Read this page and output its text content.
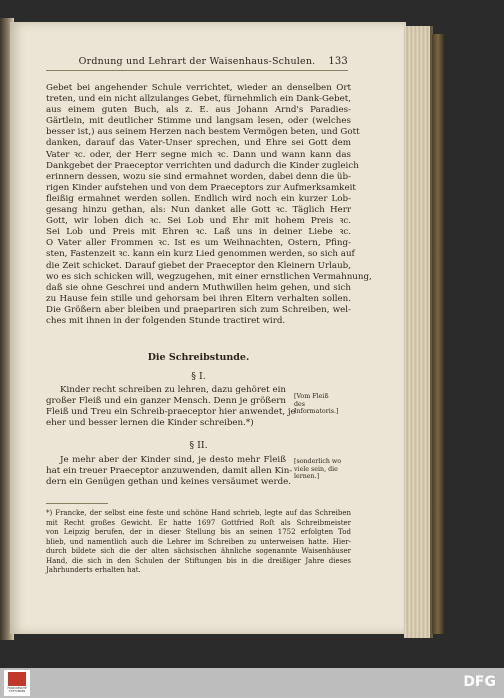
Ordnung und Lehrart der Waisenhaus-Schulen.	133
Gebet bei angehender Schule verrichtet, wieder an denselben Ort
treten, und ein nicht allzulanges Gebet, fürnehmlich ein Dank-Gebet,
aus einem guten Buch, als z. E. aus Johann Arnd's Paradies-
Gärtlein, mit deutlicher Stimme und langsam lesen, oder (welches
besser ist,) aus seinem Herzen nach bestem Vermögen beten, und Gott
danken, darauf das Vater-Unser sprechen, und Ehre sei Gott dem
Vater ꝛc. oder, der Herr segne mich ꝛc. Dann und wann kann das
Dankgebet der Praeceptor verrichten und dadurch die Kinder zugleich
erinnern dessen, wozu sie sind ermahnet worden, dabei denn die üb-
rigen Kinder aufstehen und von dem Praeceptors zur Aufmerksamkeit
fleißig ermahnet werden sollen. Endlich wird noch ein kurzer Lob-
gesang hinzu gethan, als: Nun danket alle Gott ꝛc. Täglich Herr
Gott, wir loben dich ꝛc. Sei Lob und Ehr mit hohem Preis ꝛc.
Sei Lob und Preis mit Ehren ꝛc. Laß uns in deiner Liebe ꝛc.
O Vater aller Frommen ꝛc. Ist es um Weihnachten, Ostern, Pfing-
sten, Fastenzeit ꝛc. kann ein kurz Lied genommen werden, so sich auf
die Zeit schicket. Darauf giebet der Praeceptor den Kleinern Urlaub,
wo es sich schicken will, wegzugehen, mit einer ernstlichen Vermahnung,
daß sie ohne Geschrei und andern Muthwillen heim gehen, und sich
zu Hause fein stille und gehorsam bei ihren Eltern verhalten sollen.
Die Größern aber bleiben und praepariren sich zum Schreiben, wel-
ches mit ihnen in der folgenden Stunde tractiret wird.
Die Schreibstunde.
§ I.
Kinder recht schreiben zu lehren, dazu gehöret ein
großer Fleiß und ein ganzer Mensch. Denn je größern
Fleiß und Treu ein Schreib-praeceptor hier anwendet, je
eher und besser lernen die Kinder schreiben.*)
[Vom Fleiß
des
Informatoris.]
§ II.
Je mehr aber der Kinder sind, je desto mehr Fleiß
hat ein treuer Praeceptor anzuwenden, damit allen Kin-
dern ein Genügen gethan und keines versäumet werde.
[sonderlich wo
viele sein, die
lernen.]
*) Francke, der selbst eine feste und schöne Hand schrieb, legte auf das Schreiben
mit Recht großes Gewicht. Er hatte 1697 Gottfried Roſt als Schreibmeister
von Leipzig berufen, der in dieser Stellung bis an seinen 1752 erfolgten Tod
blieb, und namentlich auch die Lehrer im Schreiben zu unterweisen hatte. Hier-
durch bildete sich die der alten sächsischen ähnliche sogenannte Waisenhäuser
Hand, die sich in den Schulen der Stiftungen bis in die dreißiger Jahre dieses
Jahrhunderts erhalten hat.
FRANCKESCHE STIFTUNGEN
DFG
